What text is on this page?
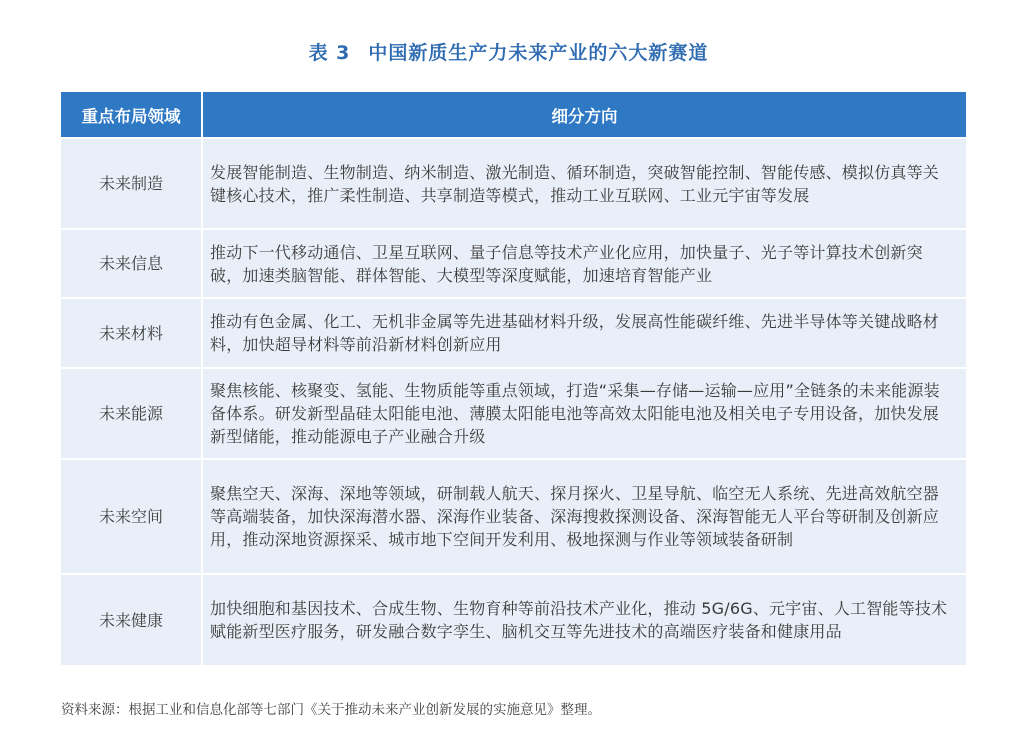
表 3 中国新质生产力未来产业的六大新赛道
重点布局领域	细分方向
未来制造	发展智能制造、生物制造、纳米制造、激光制造、循环制造，突破智能控制、智能传感、模拟仿真等关键核心技术，推广柔性制造、共享制造等模式，推动工业互联网、工业元宇宙等发展
未来信息	推动下一代移动通信、卫星互联网、量子信息等技术产业化应用，加快量子、光子等计算技术创新突破，加速类脑智能、群体智能、大模型等深度赋能，加速培育智能产业
未来材料	推动有色金属、化工、无机非金属等先进基础材料升级，发展高性能碳纤维、先进半导体等关键战略材料，加快超导材料等前沿新材料创新应用
未来能源	聚焦核能、核聚变、氢能、生物质能等重点领域，打造“采集—存储—运输—应用”全链条的未来能源装备体系。研发新型晶硅太阳能电池、薄膜太阳能电池等高效太阳能电池及相关电子专用设备，加快发展新型储能，推动能源电子产业融合升级
未来空间	聚焦空天、深海、深地等领域，研制载人航天、探月探火、卫星导航、临空无人系统、先进高效航空器等高端装备，加快深海潜水器、深海作业装备、深海搜救探测设备、深海智能无人平台等研制及创新应用，推动深地资源探采、城市地下空间开发利用、极地探测与作业等领域装备研制
未来健康	加快细胞和基因技术、合成生物、生物育种等前沿技术产业化，推动 5G/6G、元宇宙、人工智能等技术赋能新型医疗服务，研发融合数字孪生、脑机交互等先进技术的高端医疗装备和健康用品
资料来源：根据工业和信息化部等七部门《关于推动未来产业创新发展的实施意见》整理。
